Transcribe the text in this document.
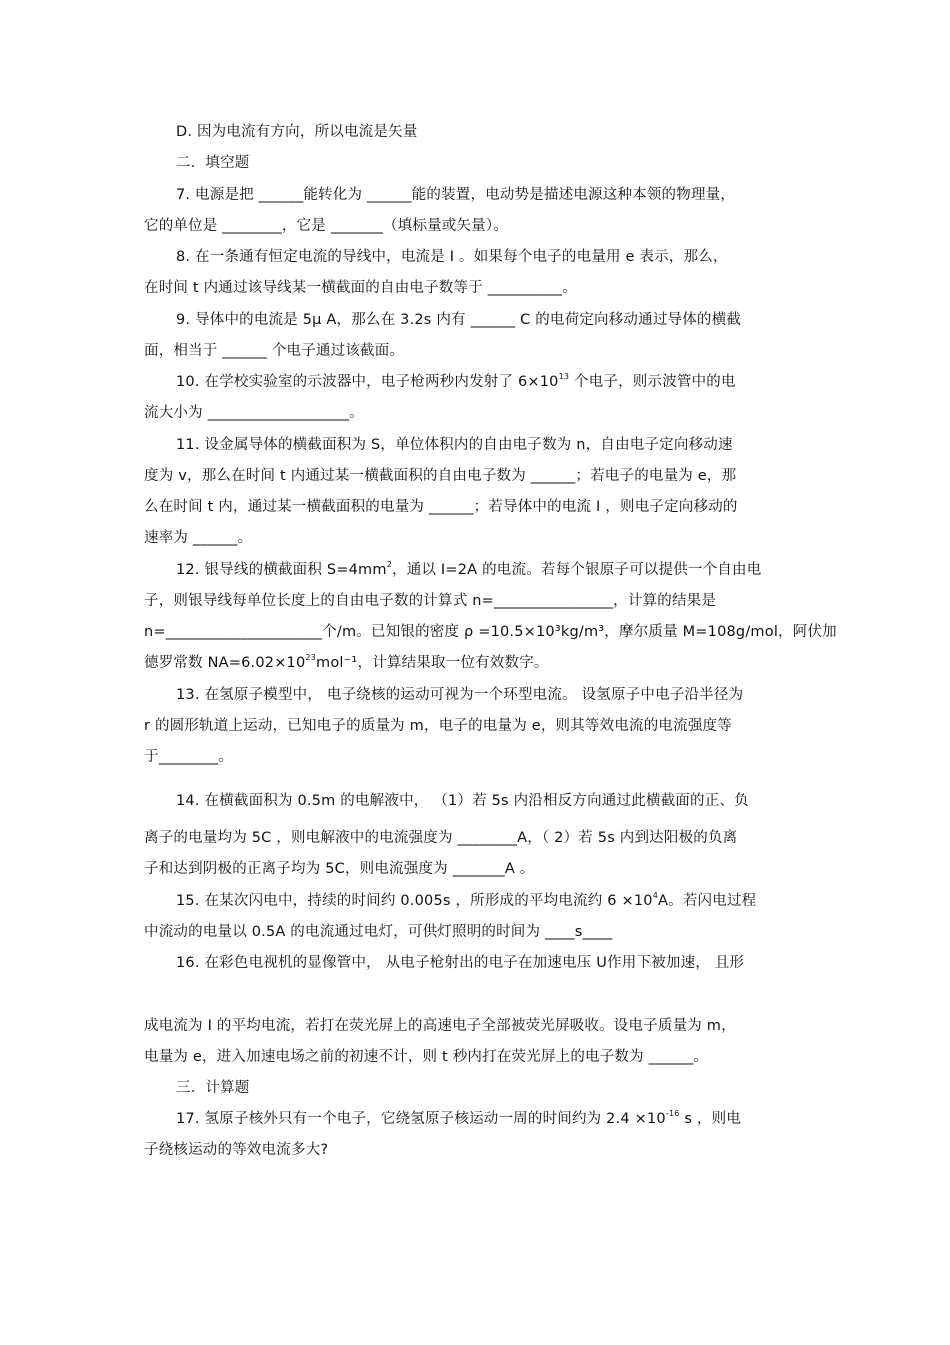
D. 因为电流有方向，所以电流是矢量
二．填空题
7. 电源是把 ______能转化为 ______能的装置，电动势是描述电源这种本领的物理量，
它的单位是 ________，它是 _______（填标量或矢量）。
8. 在一条通有恒定电流的导线中，电流是 I 。如果每个电子的电量用 e 表示，那么，
在时间 t 内通过该导线某一横截面的自由电子数等于 __________。
9. 导体中的电流是 5μ A，那么在 3.2s 内有 ______ C 的电荷定向移动通过导体的横截
面，相当于 ______ 个电子通过该截面。
10. 在学校实验室的示波器中，电子枪两秒内发射了 $6\times 10^{13}$ 个电子，则示波管中的电
流大小为 ___________________。
11. 设金属导体的横截面积为 S，单位体积内的自由电子数为 n，自由电子定向移动速
度为 v，那么在时间 t 内通过某一横截面积的自由电子数为 ______；若电子的电量为 e，那
么在时间 t 内，通过某一横截面积的电量为 ______；若导体中的电流 I ，则电子定向移动的
速率为 ______。
12. 银导线的横截面积 $S=4mm^2$，通以 I=2A 的电流。若每个银原子可以提供一个自由电
子，则银导线每单位长度上的自由电子数的计算式 n=________________，计算的结果是
n=_____________________个/m。已知银的密度 ρ =10.5×10³kg/m³，摩尔质量 M=108g/mol，阿伏加
德罗常数 $NA=6.02\times 10^{23}mol^{-1}$，计算结果取一位有效数字。
13. 在氢原子模型中， 电子绕核的运动可视为一个环型电流。 设氢原子中电子沿半径为
r 的圆形轨道上运动，已知电子的质量为 m，电子的电量为 e，则其等效电流的电流强度等
于________。
14. 在横截面积为 0.5m 的电解液中， （1）若 5s 内沿相反方向通过此横截面的正、负
离子的电量均为 5C ，则电解液中的电流强度为 ________A，（ 2）若 5s 内到达阳极的负离
子和达到阴极的正离子均为 5C，则电流强度为 _______A 。
15. 在某次闪电中，持续的时间约 0.005s ，所形成的平均电流约 $6 \times 10^4A$。若闪电过程
中流动的电量以 0.5A 的电流通过电灯，可供灯照明的时间为 ____s____
16. 在彩色电视机的显像管中， 从电子枪射出的电子在加速电压 U作用下被加速， 且形
成电流为 I 的平均电流，若打在荧光屏上的高速电子全部被荧光屏吸收。设电子质量为 m，
电量为 e，进入加速电场之前的初速不计，则 t 秒内打在荧光屏上的电子数为 ______。
三．计算题
17. 氢原子核外只有一个电子，它绕氢原子核运动一周的时间约为 $2.4 \times 10^{-16}$ s ，则电
子绕核运动的等效电流多大?
